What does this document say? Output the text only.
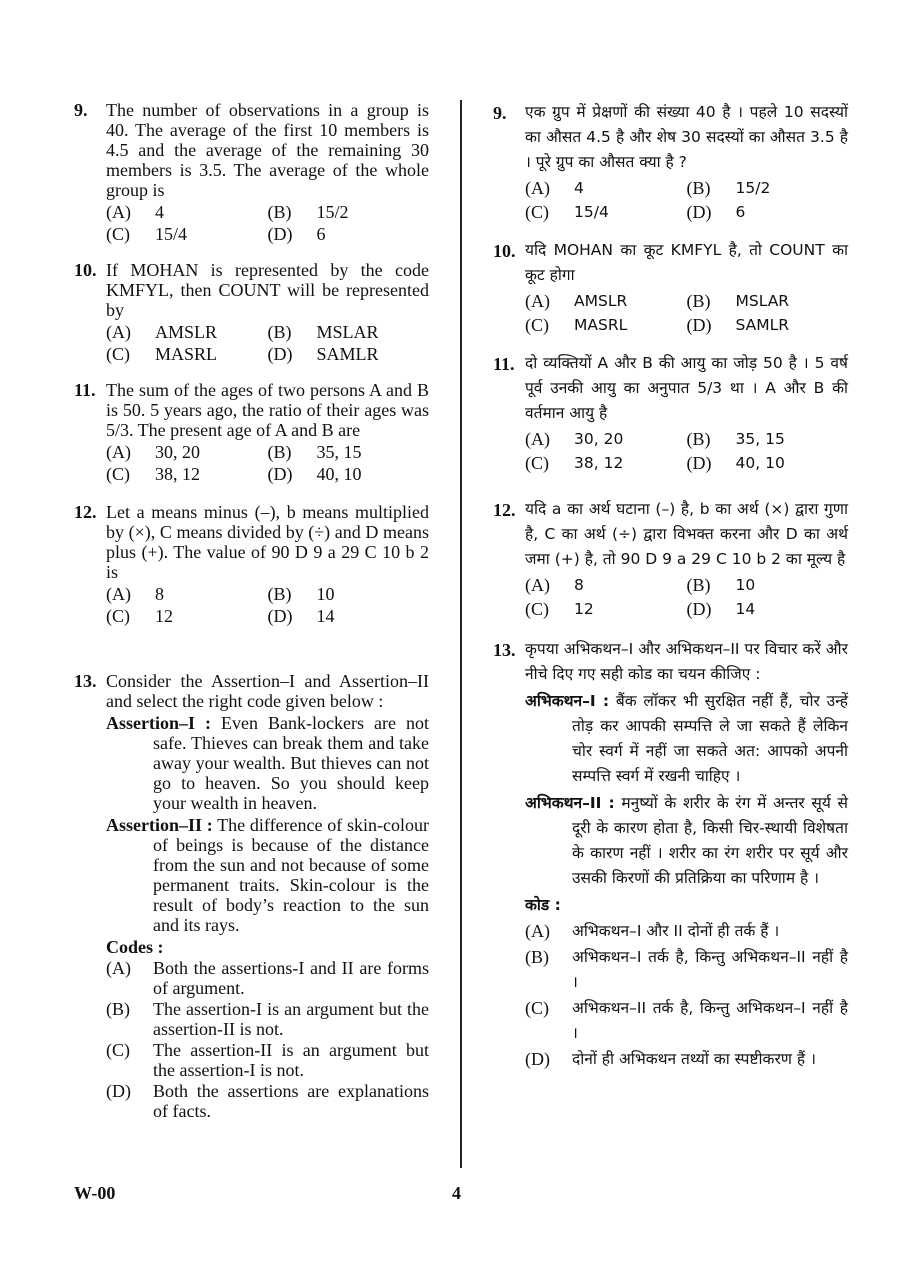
9. The number of observations in a group is 40. The average of the first 10 members is 4.5 and the average of the remaining 30 members is 3.5. The average of the whole group is
(A)	4	(B)	15/2
(C)	15/4	(D)	6
10. If MOHAN is represented by the code KMFYL, then COUNT will be represented by
(A)	AMSLR	(B)	MSLAR
(C)	MASRL	(D)	SAMLR
11. The sum of the ages of two persons A and B is 50. 5 years ago, the ratio of their ages was 5/3. The present age of A and B are
(A)	30, 20	(B)	35, 15
(C)	38, 12	(D)	40, 10
12. Let a means minus (–), b means multiplied by (×), C means divided by (÷) and D means plus (+). The value of 90 D 9 a 29 C 10 b 2 is
(A)	8	(B)	10
(C)	12	(D)	14
13. Consider the Assertion–I and Assertion–II and select the right code given below :
Assertion–I : Even Bank-lockers are not safe. Thieves can break them and take away your wealth. But thieves can not go to heaven. So you should keep your wealth in heaven.
Assertion–II : The difference of skin-colour of beings is because of the distance from the sun and not because of some permanent traits. Skin-colour is the result of body’s reaction to the sun and its rays.
Codes :
(A)	Both the assertions-I and II are forms of argument.
(B)	The assertion-I is an argument but the assertion-II is not.
(C)	The assertion-II is an argument but the assertion-I is not.
(D)	Both the assertions are explanations of facts.
9. एक ग्रुप में प्रेक्षणों की संख्या 40 है । पहले 10 सदस्यों का औसत 4.5 है और शेष 30 सदस्यों का औसत 3.5 है । पूरे ग्रुप का औसत क्या है ?
(A)	4	(B)	15/2
(C)	15/4	(D)	6
10. यदि MOHAN का कूट KMFYL है, तो COUNT का कूट होगा
(A)	AMSLR	(B)	MSLAR
(C)	MASRL	(D)	SAMLR
11. दो व्यक्तियों A और B की आयु का जोड़ 50 है । 5 वर्ष पूर्व उनकी आयु का अनुपात 5/3 था । A और B की वर्तमान आयु है
(A)	30, 20	(B)	35, 15
(C)	38, 12	(D)	40, 10
12. यदि a का अर्थ घटाना (–) है, b का अर्थ (×) द्वारा गुणा है, C का अर्थ (÷) द्वारा विभक्त करना और D का अर्थ जमा (+) है, तो 90 D 9 a 29 C 10 b 2 का मूल्य है
(A)	8	(B)	10
(C)	12	(D)	14
13. कृपया अभिकथन–I और अभिकथन–II पर विचार करें और नीचे दिए गए सही कोड का चयन कीजिए :
अभिकथन–I : बैंक लॉकर भी सुरक्षित नहीं हैं, चोर उन्हें तोड़ कर आपकी सम्पत्ति ले जा सकते हैं लेकिन चोर स्वर्ग में नहीं जा सकते अत: आपको अपनी सम्पत्ति स्वर्ग में रखनी चाहिए ।
अभिकथन–II : मनुष्यों के शरीर के रंग में अन्तर सूर्य से दूरी के कारण होता है, किसी चिर-स्थायी विशेषता के कारण नहीं । शरीर का रंग शरीर पर सूर्य और उसकी किरणों की प्रतिक्रिया का परिणाम है ।
कोड :
(A)	अभिकथन–I और II दोनों ही तर्क हैं ।
(B)	अभिकथन–I तर्क है, किन्तु अभिकथन–II नहीं है ।
(C)	अभिकथन–II तर्क है, किन्तु अभिकथन–I नहीं है ।
(D)	दोनों ही अभिकथन तथ्यों का स्पष्टीकरण हैं ।
W-00	4
